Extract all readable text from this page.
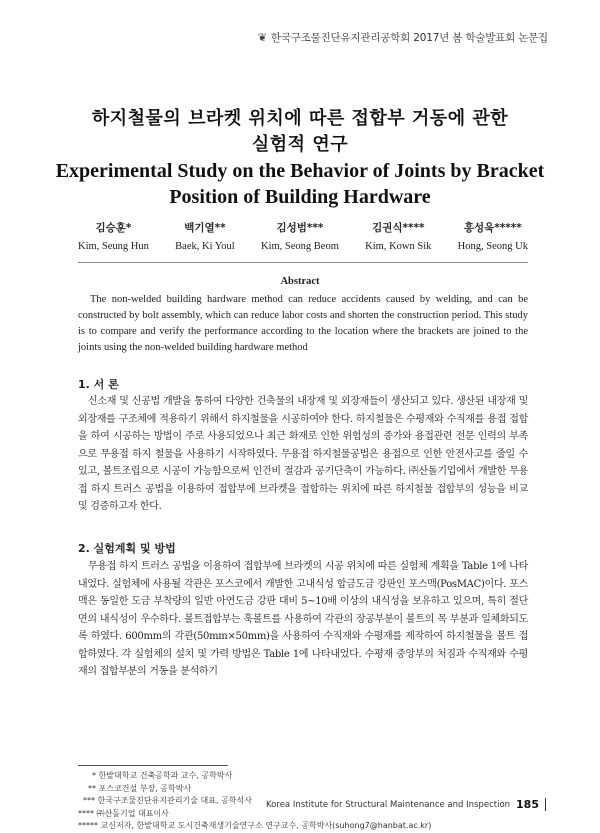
❦ 한국구조물진단유지관리공학회 2017년 봄 학술발표회 논문집
하지철물의 브라켓 위치에 따른 접합부 거동에 관한
실험적 연구
Experimental Study on the Behavior of Joints by Bracket
Position of Building Hardware
김승훈*
Kim, Seung Hun
백기열**
Baek, Ki Youl
김성범***
Kim, Seong Beom
김권식****
Kim, Kown Sik
홍성욱*****
Hong, Seong Uk
Abstract
The non-welded building hardware method can reduce accidents caused by welding, and can be constructed by bolt assembly, which can reduce labor costs and shorten the construction period. This study is to compare and verify the performance according to the location where the brackets are joined to the joints using the non-welded building hardware method
1. 서 론
신소재 및 신공법 개발을 통하여 다양한 건축물의 내장재 및 외장재들이 생산되고 있다. 생산된 내장재 및 외장재를 구조체에 적용하기 위해서 하지철물을 시공하여야 한다. 하지철물은 수평재와 수직재를 용접 접합을 하여 시공하는 방법이 주로 사용되었으나 최근 화재로 인한 위험성의 증가와 용접관련 전문 인력의 부족으로 무용접 하지 철물을 사용하기 시작하였다. 무용접 하지철물공법은 용접으로 인한 안전사고를 줄일 수 있고, 볼트조립으로 시공이 가능함으로써 인건비 절감과 공기단축이 가능하다. ㈜산돌기업에서 개발한 무용접 하지 트러스 공법을 이용하여 접합부에 브라켓을 접합하는 위치에 따른 하지철물 접합부의 성능을 비교 및 검증하고자 한다.
2. 실험계획 및 방법
무용접 하지 트러스 공법을 이용하여 접합부에 브라켓의 시공 위치에 따른 실험체 계획을 Table 1에 나타내었다. 실험체에 사용될 각관은 포스코에서 개발한 고내식성 합금도금 강판인 포스맥(PosMAC)이다. 포스맥은 동일한 도금 부착량의 일반 아연도금 강판 대비 5~10배 이상의 내식성을 보유하고 있으며, 특히 절단면의 내식성이 우수하다. 볼트접합부는 훅볼트를 사용하여 각관의 장공부분이 볼트의 목 부분과 일체화되도록 하였다. 600mm의 각관(50mm×50mm)을 사용하여 수직재와 수평재를 제작하여 하지철물을 볼트 접합하였다. 각 실험체의 설치 및 가력 방법은 Table 1에 나타내었다. 수평재 중앙부의 처짐과 수직재와 수평재의 접합부분의 거동을 분석하기
* 한밭대학교 건축공학과 교수, 공학박사
** 포스코건설 부장, 공학박사
*** 한국구조물진단유지관리기술 대표, 공학석사
**** ㈜산돌기업 대표이사
***** 교신저자, 한밭대학교 도시건축재생기술연구소 연구교수, 공학박사(suhong7@hanbat.ac.kr)
Korea Institute for Structural Maintenance and Inspection 185
